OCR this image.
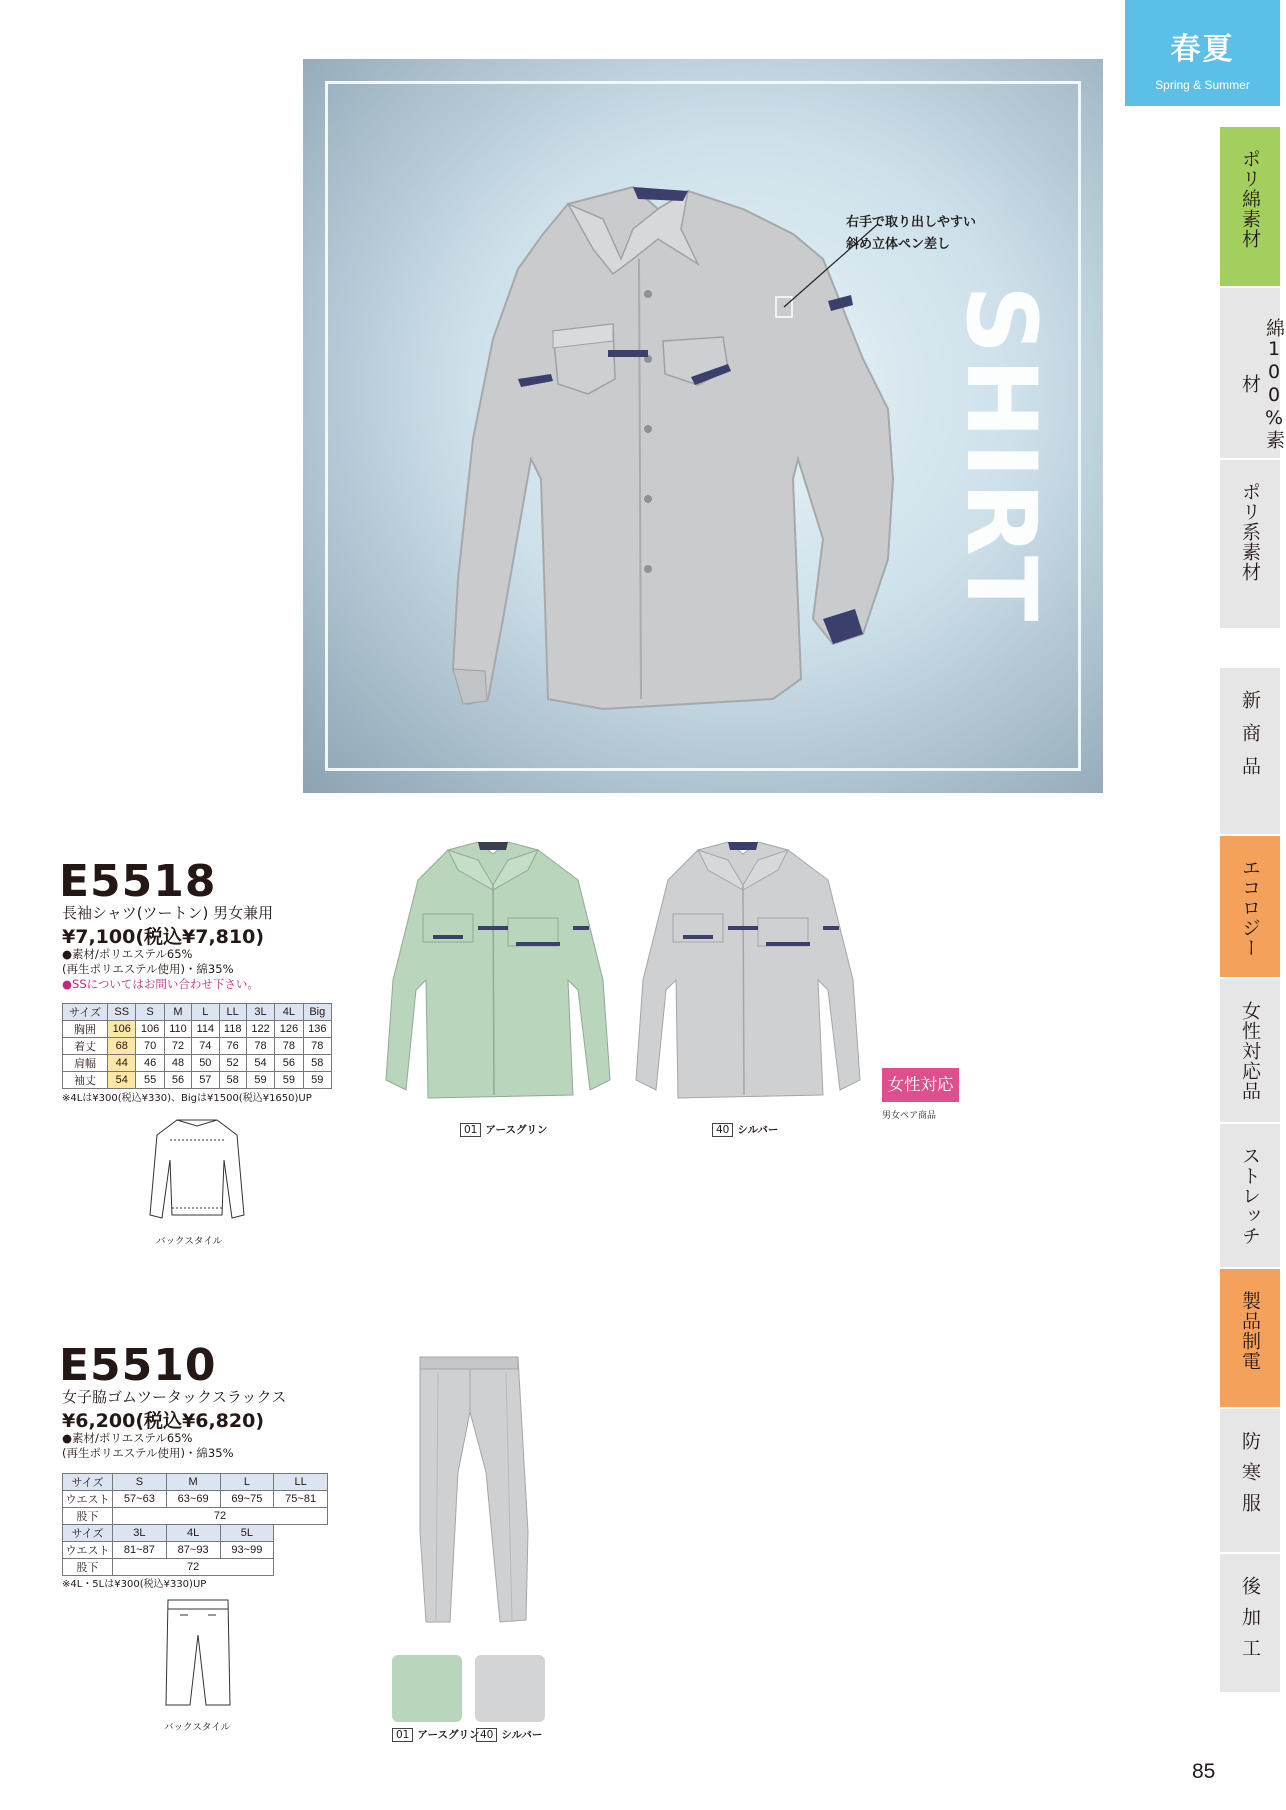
春夏
Spring & Summer
ポリ綿素材
綿100%素材
ポリ系素材
新商品
エコロジー
女性対応品
ストレッチ
製品制電
防寒服
後加工
SHIRT
右手で取り出しやすい
斜め立体ペン差し
E5518
長袖シャツ(ツートン) 男女兼用
¥7,100(税込¥7,810)
●素材/ポリエステル65%
(再生ポリエステル使用)・綿35%
●SSについてはお問い合わせ下さい。
サイズ	SS	S	M	L	LL	3L	4L	Big
胸囲	106	106	110	114	118	122	126	136
着丈	68	70	72	74	76	78	78	78
肩幅	44	46	48	50	52	54	56	58
袖丈	54	55	56	57	58	59	59	59
※4Lは¥300(税込¥330)、Bigは¥1500(税込¥1650)UP
バックスタイル
01 アースグリン	40 シルバー
女性対応
男女ペア商品
E5510
女子脇ゴムツータックスラックス
¥6,200(税込¥6,820)
●素材/ポリエステル65%
(再生ポリエステル使用)・綿35%
サイズ	S	M	L	LL
ウエスト	57~63	63~69	69~75	75~81
股下	72			
サイズ	3L	4L	5L	
ウエスト	81~87	87~93	93~99	
股下	72			
※4L・5Lは¥300(税込¥330)UP
バックスタイル
01 アースグリン 40 シルバー
85
